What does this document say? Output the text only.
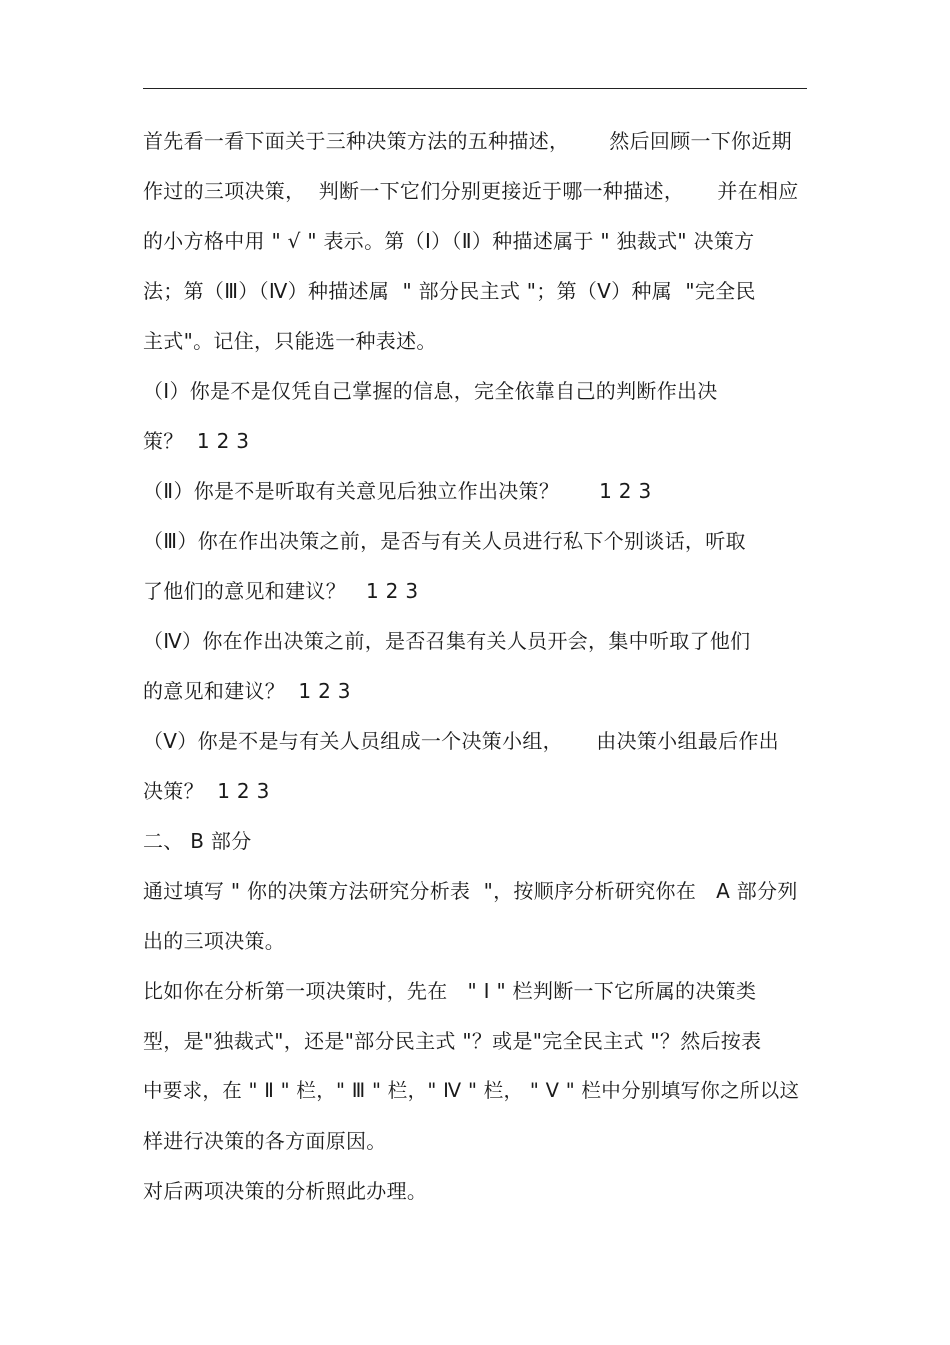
首先看一看下面关于三种决策方法的五种描述，      然后回顾一下你近期
作过的三项决策，  判断一下它们分别更接近于哪一种描述，     并在相应
的小方格中用 " √ " 表示。第（Ⅰ）（Ⅱ）种描述属于 " 独裁式" 决策方
法；第（Ⅲ）（Ⅳ）种描述属  " 部分民主式 "；第（Ⅴ）种属  "完全民
主式"。记住，只能选一种表述。
（Ⅰ）你是不是仅凭自己掌握的信息，完全依靠自己的判断作出决
策？  1 2 3
（Ⅱ）你是不是听取有关意见后独立作出决策？      1 2 3
（Ⅲ）你在作出决策之前，是否与有关人员进行私下个别谈话，听取
了他们的意见和建议？   1 2 3
（Ⅳ）你在作出决策之前，是否召集有关人员开会，集中听取了他们
的意见和建议？  1 2 3
（Ⅴ）你是不是与有关人员组成一个决策小组，     由决策小组最后作出
决策？  1 2 3
二、 B 部分
通过填写 " 你的决策方法研究分析表  "，按顺序分析研究你在   A 部分列
出的三项决策。
比如你在分析第一项决策时，先在   " Ⅰ " 栏判断一下它所属的决策类
型，是"独裁式"，还是"部分民主式 "？或是"完全民主式 "？然后按表
中要求，在 " Ⅱ " 栏，" Ⅲ " 栏，" Ⅳ " 栏， " Ⅴ " 栏中分别填写你之所以这
样进行决策的各方面原因。
对后两项决策的分析照此办理。
